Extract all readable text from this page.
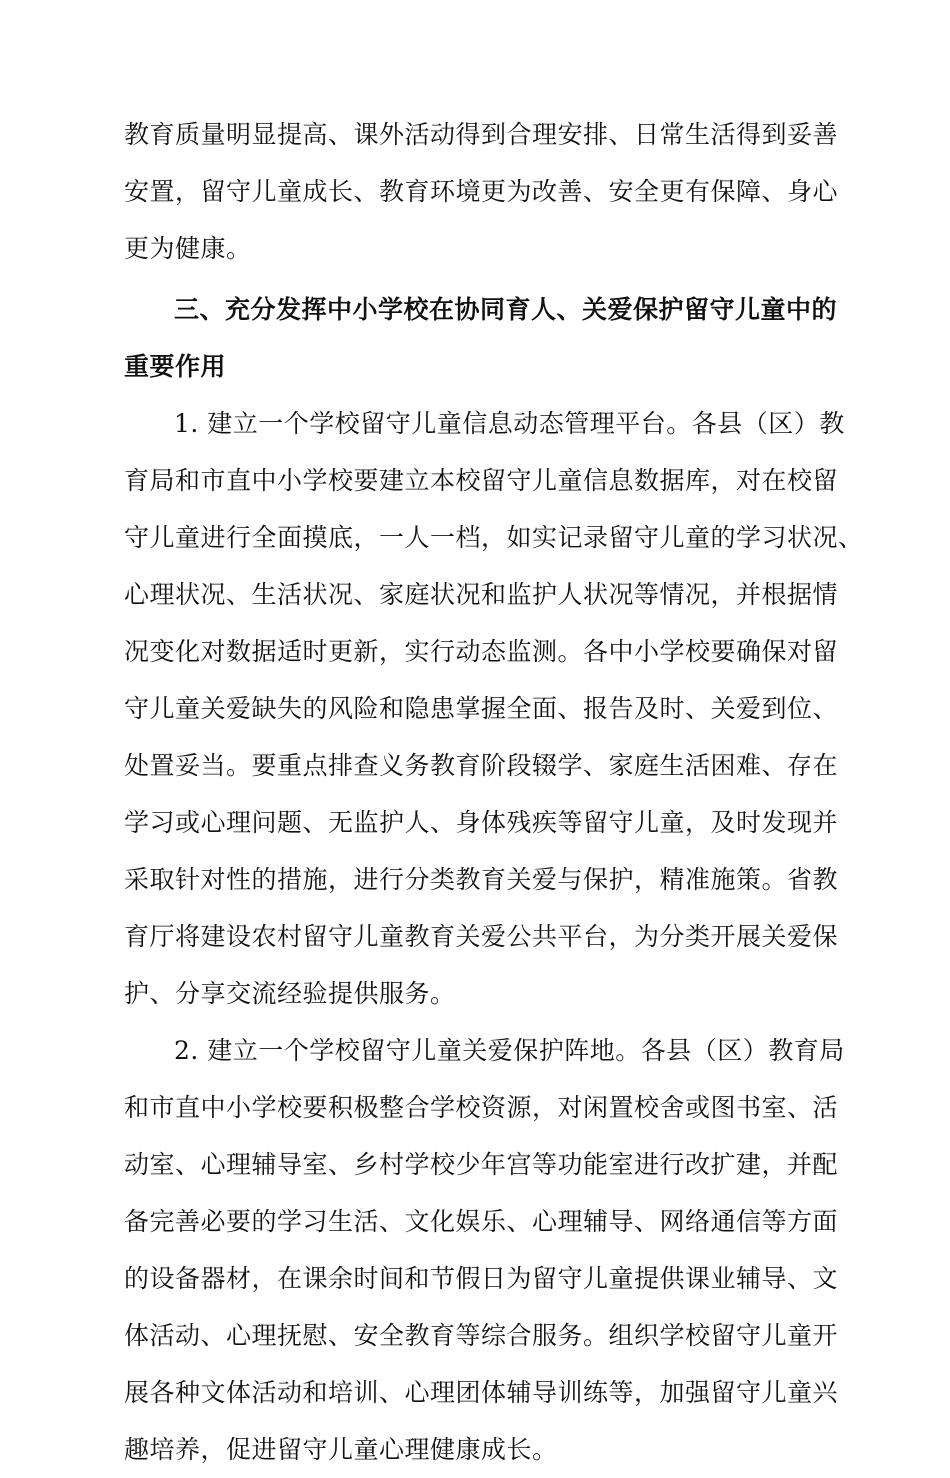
教育质量明显提高、课外活动得到合理安排、日常生活得到妥善
安置，留守儿童成长、教育环境更为改善、安全更有保障、身心
更为健康。
三、充分发挥中小学校在协同育人、关爱保护留守儿童中的
重要作用
1. 建立一个学校留守儿童信息动态管理平台。各县（区）教
育局和市直中小学校要建立本校留守儿童信息数据库，对在校留
守儿童进行全面摸底，一人一档，如实记录留守儿童的学习状况、
心理状况、生活状况、家庭状况和监护人状况等情况，并根据情
况变化对数据适时更新，实行动态监测。各中小学校要确保对留
守儿童关爱缺失的风险和隐患掌握全面、报告及时、关爱到位、
处置妥当。要重点排查义务教育阶段辍学、家庭生活困难、存在
学习或心理问题、无监护人、身体残疾等留守儿童，及时发现并
采取针对性的措施，进行分类教育关爱与保护，精准施策。省教
育厅将建设农村留守儿童教育关爱公共平台，为分类开展关爱保
护、分享交流经验提供服务。
2. 建立一个学校留守儿童关爱保护阵地。各县（区）教育局
和市直中小学校要积极整合学校资源，对闲置校舍或图书室、活
动室、心理辅导室、乡村学校少年宫等功能室进行改扩建，并配
备完善必要的学习生活、文化娱乐、心理辅导、网络通信等方面
的设备器材，在课余时间和节假日为留守儿童提供课业辅导、文
体活动、心理抚慰、安全教育等综合服务。组织学校留守儿童开
展各种文体活动和培训、心理团体辅导训练等，加强留守儿童兴
趣培养，促进留守儿童心理健康成长。
